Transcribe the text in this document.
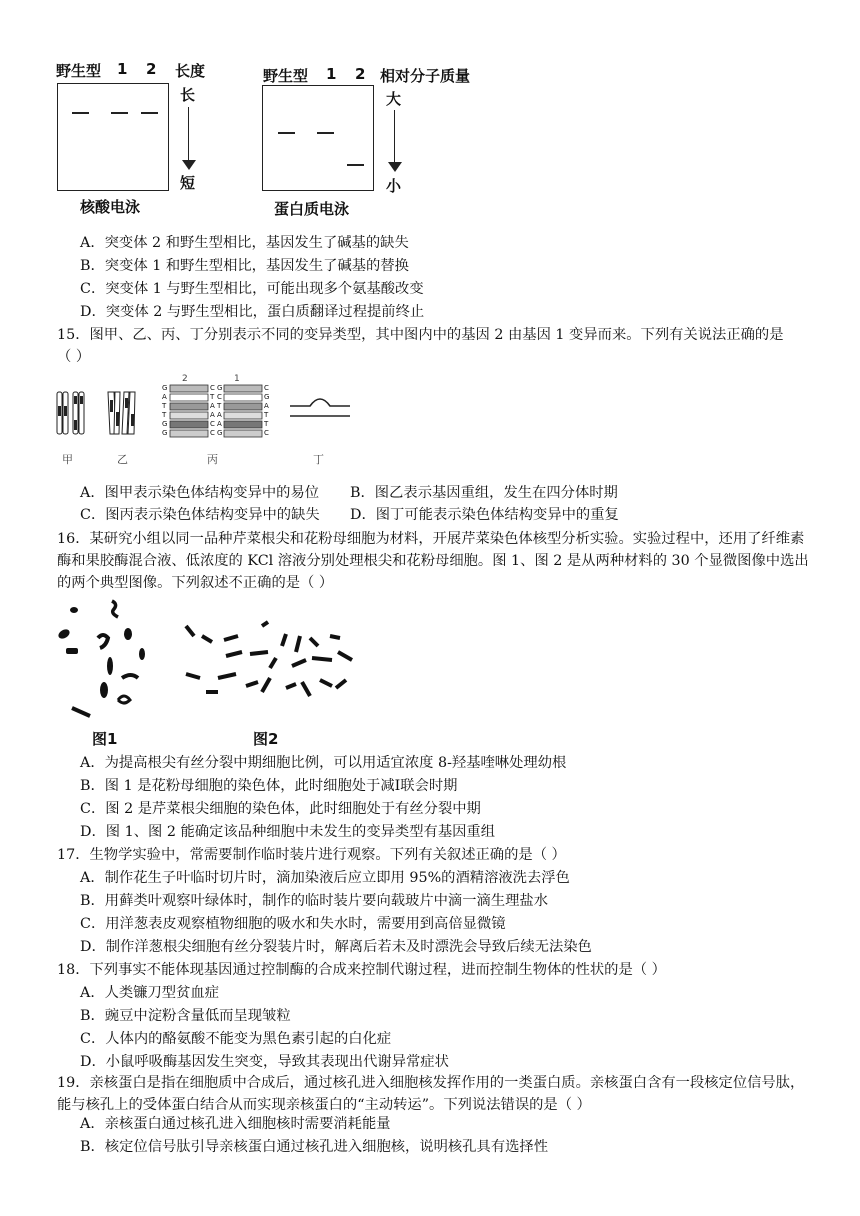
野生型 1 2 长度
长
短
核酸电泳
野生型 1 2 相对分子质量
大
小
蛋白质电泳
A．突变体 2 和野生型相比，基因发生了碱基的缺失
B．突变体 1 和野生型相比，基因发生了碱基的替换
C．突变体 1 与野生型相比，可能出现多个氨基酸改变
D．突变体 2 与野生型相比，蛋白质翻译过程提前终止
15．图甲、乙、丙、丁分别表示不同的变异类型，其中图内中的基因 2 由基因 1 变异而来。下列有关说法正确的是
（ ）
甲	乙
2	1
G
A
T
T
G
G
C
T
A
A
C
C
G
C
T
A
A
G
C
G
A
T
T
C
丙	丁
A．图甲表示染色体结构变异中的易位 B．图乙表示基因重组，发生在四分体时期
C．图丙表示染色体结构变异中的缺失 D．图丁可能表示染色体结构变异中的重复
16．某研究小组以同一品种芹菜根尖和花粉母细胞为材料，开展芹菜染色体核型分析实验。实验过程中，还用了纤维素酶和果胶酶混合液、低浓度的 KCl 溶液分别处理根尖和花粉母细胞。图 1、图 2 是从两种材料的 30 个显微图像中选出的两个典型图像。下列叙述不正确的是（ ）
图1	图2
A．为提高根尖有丝分裂中期细胞比例，可以用适宜浓度 8-羟基喹啉处理幼根
B．图 1 是花粉母细胞的染色体，此时细胞处于减Ⅰ联会时期
C．图 2 是芹菜根尖细胞的染色体，此时细胞处于有丝分裂中期
D．图 1、图 2 能确定该品种细胞中未发生的变异类型有基因重组
17．生物学实验中，常需要制作临时装片进行观察。下列有关叙述正确的是（ ）
A．制作花生子叶临时切片时，滴加染液后应立即用 95%的酒精溶液洗去浮色
B．用藓类叶观察叶绿体时，制作的临时装片要向载玻片中滴一滴生理盐水
C．用洋葱表皮观察植物细胞的吸水和失水时，需要用到高倍显微镜
D．制作洋葱根尖细胞有丝分裂装片时，解离后若未及时漂洗会导致后续无法染色
18．下列事实不能体现基因通过控制酶的合成来控制代谢过程，进而控制生物体的性状的是（ ）
A．人类镰刀型贫血症
B．豌豆中淀粉含量低而呈现皱粒
C．人体内的酪氨酸不能变为黑色素引起的白化症
D．小鼠呼吸酶基因发生突变，导致其表现出代谢异常症状
19．亲核蛋白是指在细胞质中合成后，通过核孔进入细胞核发挥作用的一类蛋白质。亲核蛋白含有一段核定位信号肽，能与核孔上的受体蛋白结合从而实现亲核蛋白的“主动转运”。下列说法错误的是（ ）
A．亲核蛋白通过核孔进入细胞核时需要消耗能量
B．核定位信号肽引导亲核蛋白通过核孔进入细胞核，说明核孔具有选择性
